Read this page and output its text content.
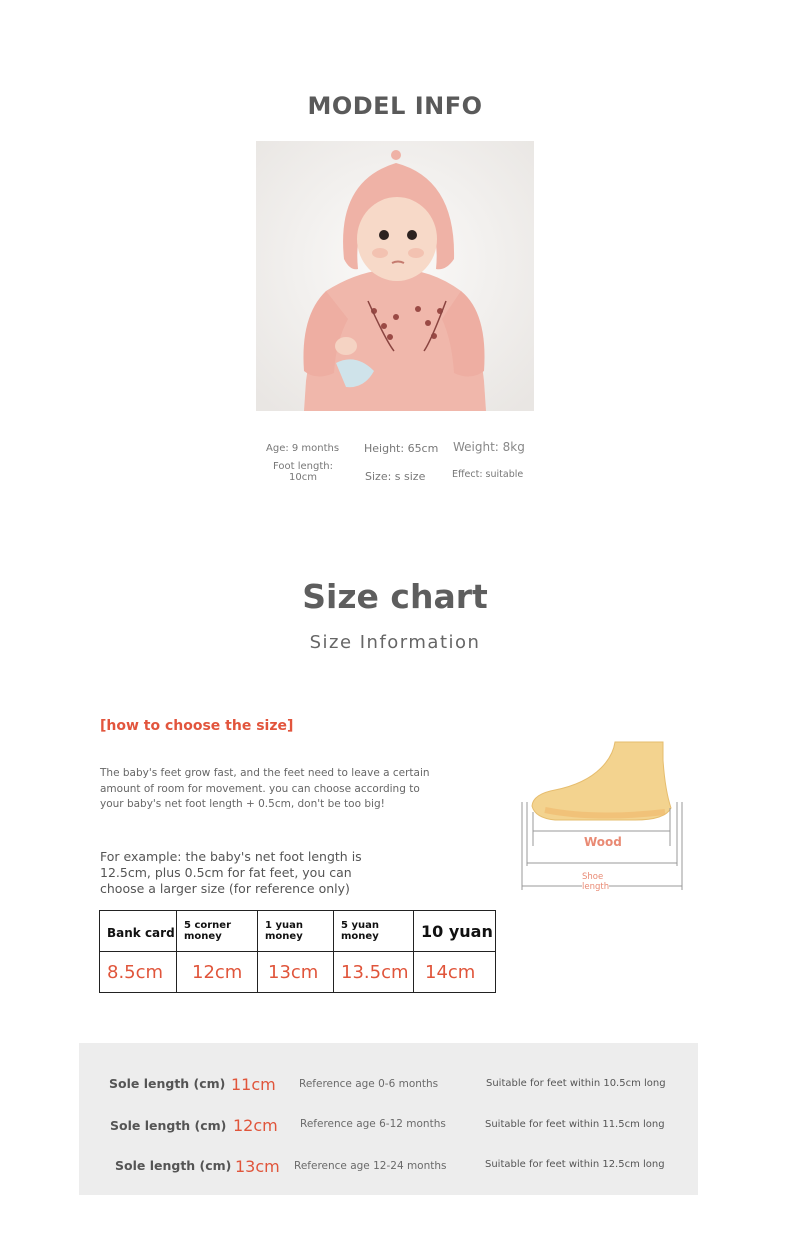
MODEL INFO
Age: 9 months Height: 65cm Weight: 8kg
Foot length:
10cm	Size: s size	Effect: suitable
Size chart
Size Information
[how to choose the size]
The baby's feet grow fast, and the feet need to leave a certain amount of room for movement. you can choose according to your baby's net foot length + 0.5cm, don't be too big!
For example: the baby's net foot length is 12.5cm, plus 0.5cm for fat feet, you can choose a larger size (for reference only)
Bank card	5 corner money	1 yuan money	5 yuan money	10 yuan
8.5cm	12cm	13cm	13.5cm	14cm
Wood
Shoe
length
Sole length (cm) 11cm Reference age 0-6 months	Suitable for feet within 10.5cm long
Sole length (cm) 12cm Reference age 6-12 months	Suitable for feet within 11.5cm long
Sole length (cm) 13cm Reference age 12-24 months	Suitable for feet within 12.5cm long
